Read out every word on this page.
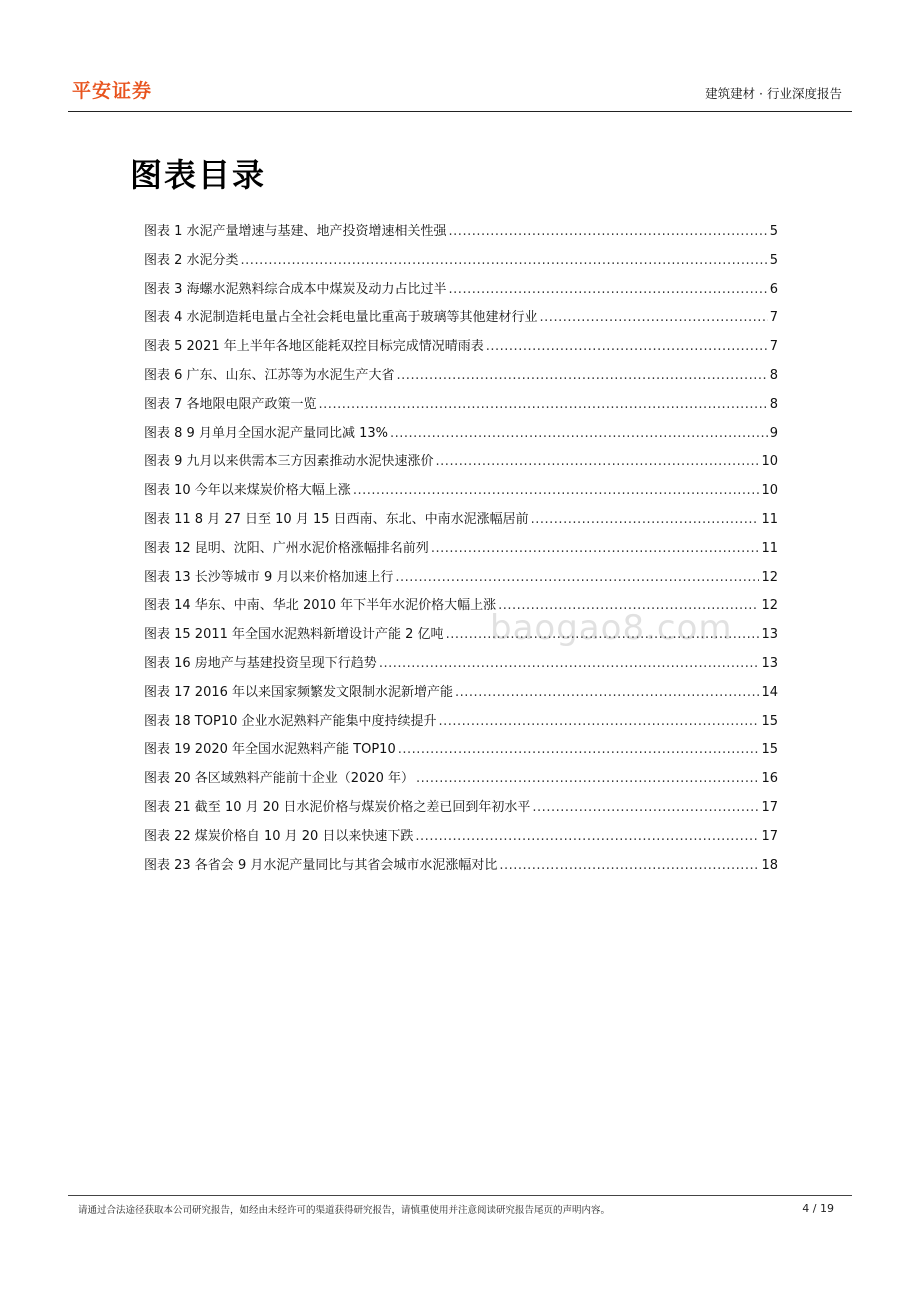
平安证券	建筑建材 · 行业深度报告
图表目录
图表 1 水泥产量增速与基建、地产投资增速相关性强 .....	5
图表 2 水泥分类 .....	5
图表 3 海螺水泥熟料综合成本中煤炭及动力占比过半 .....	6
图表 4 水泥制造耗电量占全社会耗电量比重高于玻璃等其他建材行业 .....	7
图表 5 2021 年上半年各地区能耗双控目标完成情况晴雨表 .....	7
图表 6 广东、山东、江苏等为水泥生产大省 .....	8
图表 7 各地限电限产政策一览 .....	8
图表 8 9 月单月全国水泥产量同比减 13% .....	9
图表 9 九月以来供需本三方因素推动水泥快速涨价 .....	10
图表 10 今年以来煤炭价格大幅上涨 .....	10
图表 11 8 月 27 日至 10 月 15 日西南、东北、中南水泥涨幅居前 .....	11
图表 12 昆明、沈阳、广州水泥价格涨幅排名前列 .....	11
图表 13 长沙等城市 9 月以来价格加速上行 .....	12
图表 14 华东、中南、华北 2010 年下半年水泥价格大幅上涨 .....	12
图表 15 2011 年全国水泥熟料新增设计产能 2 亿吨 .....	13
图表 16 房地产与基建投资呈现下行趋势 .....	13
图表 17 2016 年以来国家频繁发文限制水泥新增产能 .....	14
图表 18 TOP10 企业水泥熟料产能集中度持续提升 .....	15
图表 19 2020 年全国水泥熟料产能 TOP10 .....	15
图表 20 各区域熟料产能前十企业（2020 年） .....	16
图表 21 截至 10 月 20 日水泥价格与煤炭价格之差已回到年初水平 .....	17
图表 22 煤炭价格自 10 月 20 日以来快速下跌 .....	17
图表 23 各省会 9 月水泥产量同比与其省会城市水泥涨幅对比 .....	18
baogao8.com
请通过合法途径获取本公司研究报告，如经由未经许可的渠道获得研究报告，请慎重使用并注意阅读研究报告尾页的声明内容。	4 / 19
